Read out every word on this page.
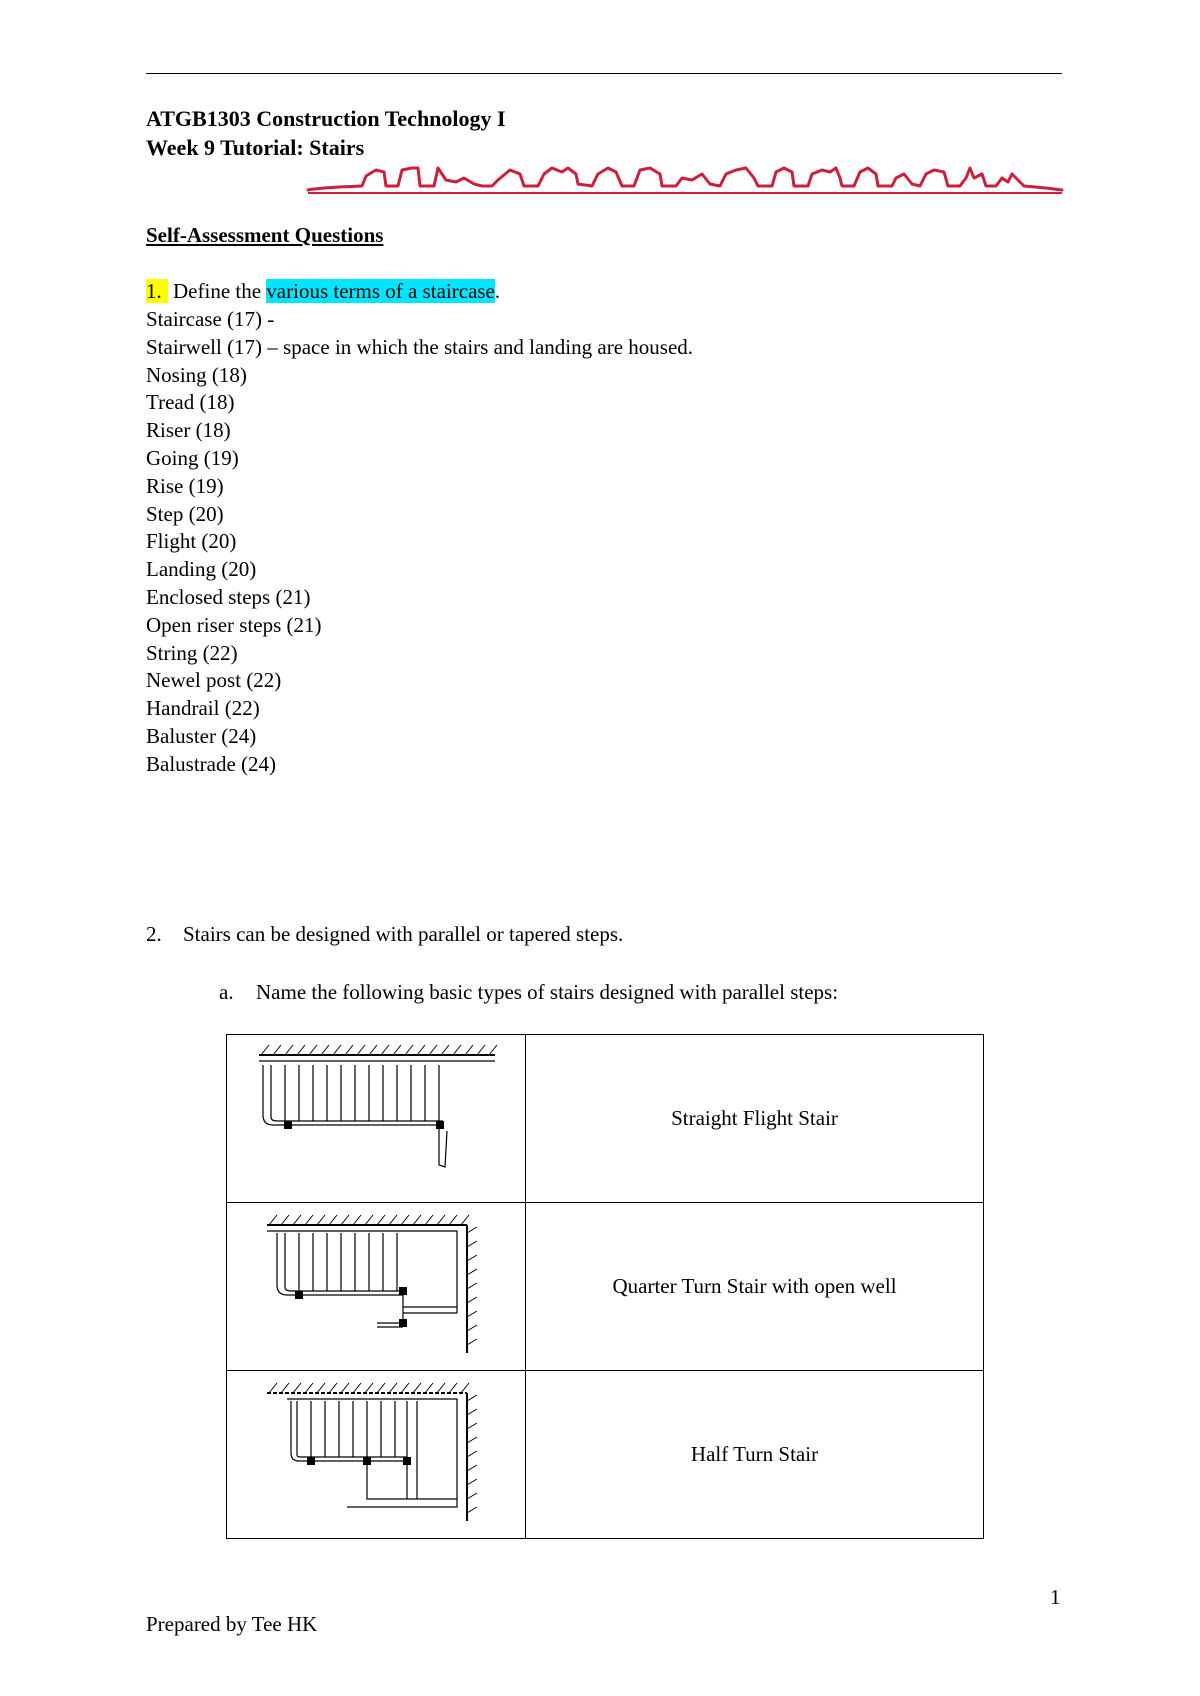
ATGB1303 Construction Technology I
Week 9 Tutorial: Stairs
Self-Assessment Questions
1. Define the various terms of a staircase.
Staircase (17) -
Stairwell (17) – space in which the stairs and landing are housed.
Nosing (18)
Tread (18)
Riser (18)
Going (19)
Rise (19)
Step (20)
Flight (20)
Landing (20)
Enclosed steps (21)
Open riser steps (21)
String (22)
Newel post (22)
Handrail (22)
Baluster (24)
Balustrade (24)
2. Stairs can be designed with parallel or tapered steps.
a. Name the following basic types of stairs designed with parallel steps:
	Straight Flight Stair
	Quarter Turn Stair with open well
	Half Turn Stair
1
Prepared by Tee HK
